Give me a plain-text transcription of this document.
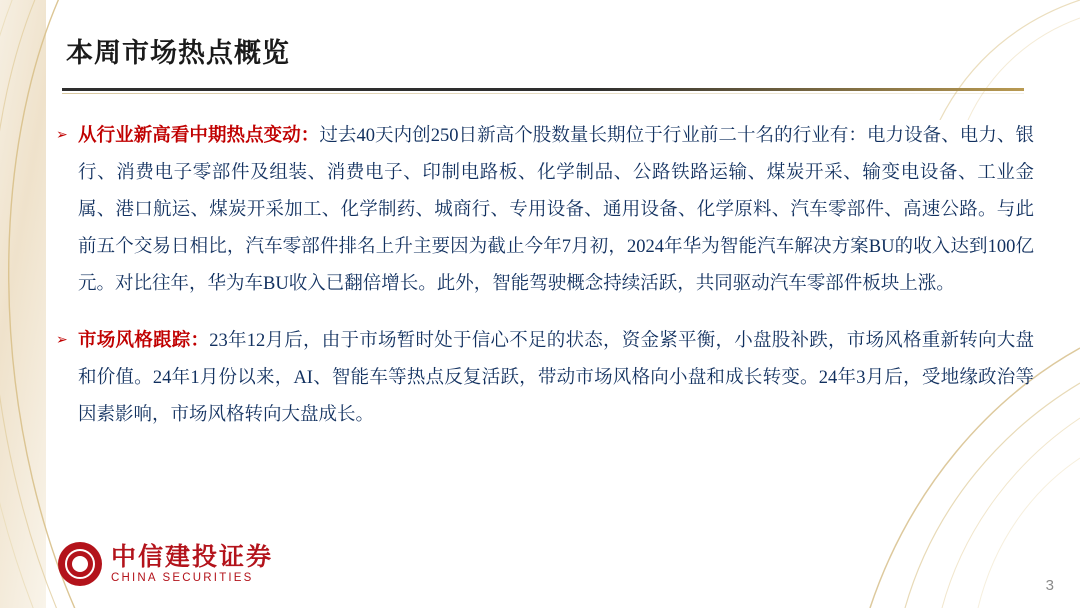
本周市场热点概览
➢ 从行业新高看中期热点变动：过去40天内创250日新高个股数量长期位于行业前二十名的行业有：电力设备、电力、银行、消费电子零部件及组装、消费电子、印制电路板、化学制品、公路铁路运输、煤炭开采、输变电设备、工业金属、港口航运、煤炭开采加工、化学制药、城商行、专用设备、通用设备、化学原料、汽车零部件、高速公路。与此前五个交易日相比，汽车零部件排名上升主要因为截止今年7月初，2024年华为智能汽车解决方案BU的收入达到100亿元。对比往年，华为车BU收入已翻倍增长。此外，智能驾驶概念持续活跃，共同驱动汽车零部件板块上涨。
➢ 市场风格跟踪：23年12月后，由于市场暂时处于信心不足的状态，资金紧平衡，小盘股补跌，市场风格重新转向大盘和价值。24年1月份以来，AI、智能车等热点反复活跃，带动市场风格向小盘和成长转变。24年3月后，受地缘政治等因素影响，市场风格转向大盘成长。
中信建投证券
CHINA SECURITIES	3
